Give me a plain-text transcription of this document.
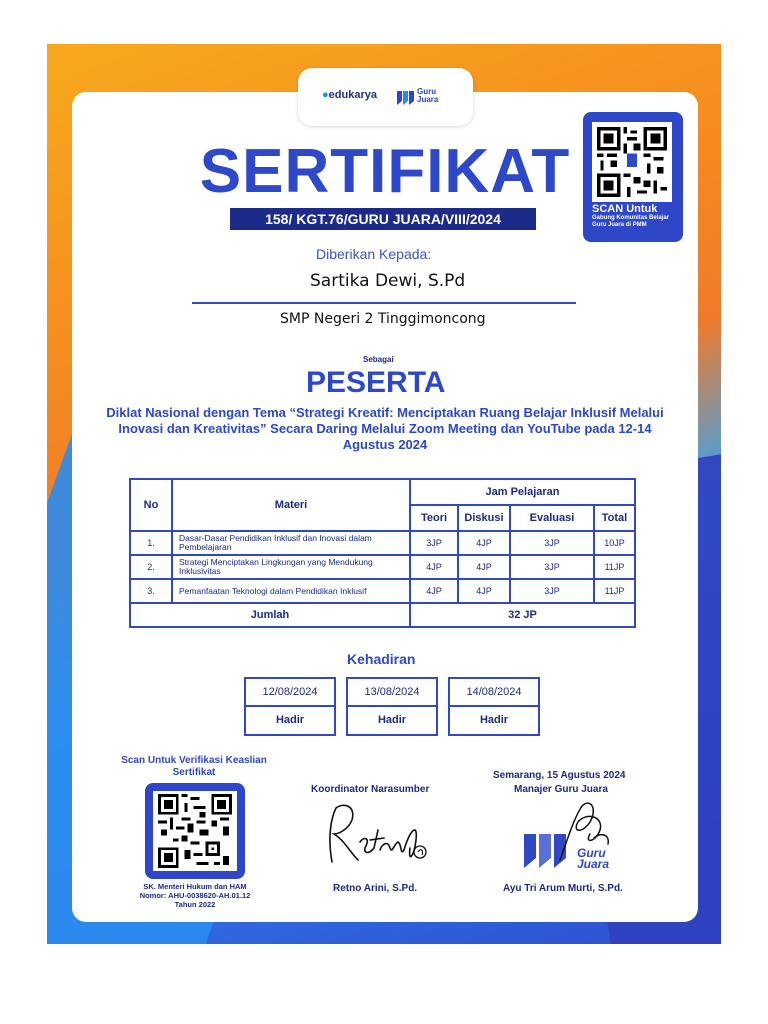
●edukarya	Guru
Juara
SERTIFIKAT
158/ KGT.76/GURU JUARA/VIII/2024
SCAN Untuk
Gabung Komunitas Belajar Guru Juara di PMM
Diberikan Kepada:
Sartika Dewi, S.Pd
SMP Negeri 2 Tinggimoncong
Sebagai
PESERTA
Diklat Nasional dengan Tema “Strategi Kreatif: Menciptakan Ruang Belajar Inklusif Melalui Inovasi dan Kreativitas” Secara Daring Melalui Zoom Meeting dan YouTube pada 12-14 Agustus 2024
No	Materi	Jam Pelajaran			
		Teori	Diskusi	Evaluasi	Total
1.	Dasar-Dasar Pendidikan Inklusif dan Inovasi dalam Pembelajaran	3JP	4JP	3JP	10JP
2.	Strategi Menciptakan Lingkungan yang Mendukung Inklusivitas	4JP	4JP	3JP	11JP
3.	Pemanfaatan Teknologi dalam Pendidikan Inklusif	4JP	4JP	3JP	11JP
Jumlah		32 JP			
Kehadiran
12/08/2024
Hadir
13/08/2024
Hadir
14/08/2024
Hadir
Scan Untuk Verifikasi Keaslian Sertifikat
SK. Menteri Hukum dan HAM
Nomor: AHU-0038620-AH.01.12
Tahun 2022
Koordinator Narasumber
Retno Arini, S.Pd.
Semarang, 15 Agustus 2024
Manajer Guru Juara
Guru
Juara
Ayu Tri Arum Murti, S.Pd.
